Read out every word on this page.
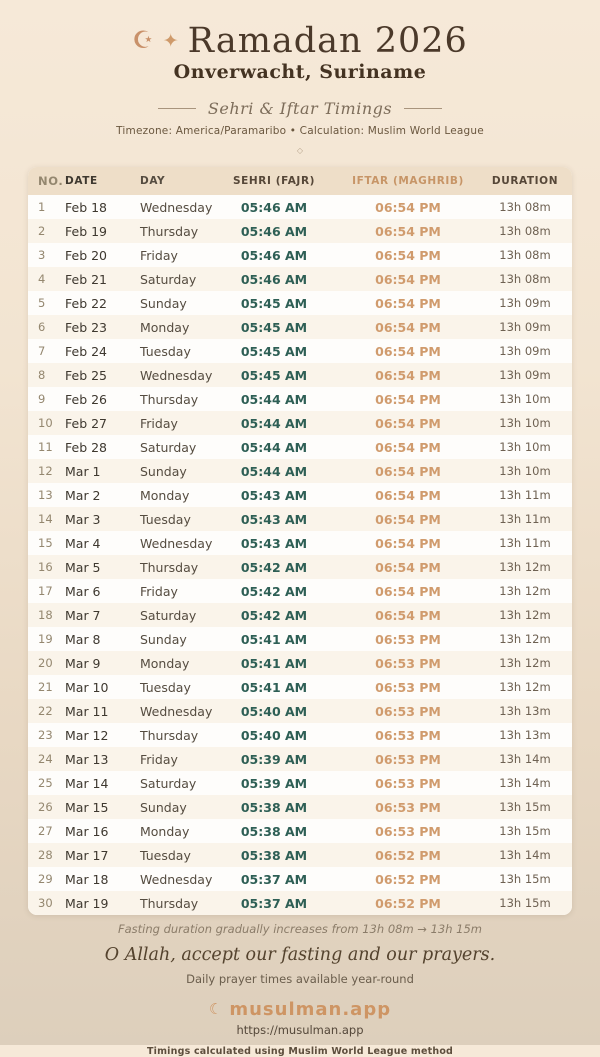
☪ ✦ Ramadan 2026
Onverwacht, Suriname
Sehri & Iftar Timings
Timezone: America/Paramaribo • Calculation: Muslim World League
◇
NO. DATE	DAY	SEHRI (FAJR)	IFTAR (MAGHRIB)	DURATION
1	Feb 18	Wednesday	05:46 AM	06:54 PM	13h 08m
2	Feb 19	Thursday	05:46 AM	06:54 PM	13h 08m
3	Feb 20	Friday	05:46 AM	06:54 PM	13h 08m
4	Feb 21	Saturday	05:46 AM	06:54 PM	13h 08m
5	Feb 22	Sunday	05:45 AM	06:54 PM	13h 09m
6	Feb 23	Monday	05:45 AM	06:54 PM	13h 09m
7	Feb 24	Tuesday	05:45 AM	06:54 PM	13h 09m
8	Feb 25	Wednesday	05:45 AM	06:54 PM	13h 09m
9	Feb 26	Thursday	05:44 AM	06:54 PM	13h 10m
10 Feb 27	Friday	05:44 AM	06:54 PM	13h 10m
11 Feb 28	Saturday	05:44 AM	06:54 PM	13h 10m
12 Mar 1	Sunday	05:44 AM	06:54 PM	13h 10m
13 Mar 2	Monday	05:43 AM	06:54 PM	13h 11m
14 Mar 3	Tuesday	05:43 AM	06:54 PM	13h 11m
15 Mar 4	Wednesday	05:43 AM	06:54 PM	13h 11m
16 Mar 5	Thursday	05:42 AM	06:54 PM	13h 12m
17 Mar 6	Friday	05:42 AM	06:54 PM	13h 12m
18 Mar 7	Saturday	05:42 AM	06:54 PM	13h 12m
19 Mar 8	Sunday	05:41 AM	06:53 PM	13h 12m
20 Mar 9	Monday	05:41 AM	06:53 PM	13h 12m
21 Mar 10	Tuesday	05:41 AM	06:53 PM	13h 12m
22 Mar 11	Wednesday	05:40 AM	06:53 PM	13h 13m
23 Mar 12	Thursday	05:40 AM	06:53 PM	13h 13m
24 Mar 13	Friday	05:39 AM	06:53 PM	13h 14m
25 Mar 14	Saturday	05:39 AM	06:53 PM	13h 14m
26 Mar 15	Sunday	05:38 AM	06:53 PM	13h 15m
27 Mar 16	Monday	05:38 AM	06:53 PM	13h 15m
28 Mar 17	Tuesday	05:38 AM	06:52 PM	13h 14m
29 Mar 18	Wednesday	05:37 AM	06:52 PM	13h 15m
30 Mar 19	Thursday	05:37 AM	06:52 PM	13h 15m
Fasting duration gradually increases from 13h 08m → 13h 15m
O Allah, accept our fasting and our prayers.
Daily prayer times available year-round
☾ musulman.app
https://musulman.app
Timings calculated using Muslim World League method
